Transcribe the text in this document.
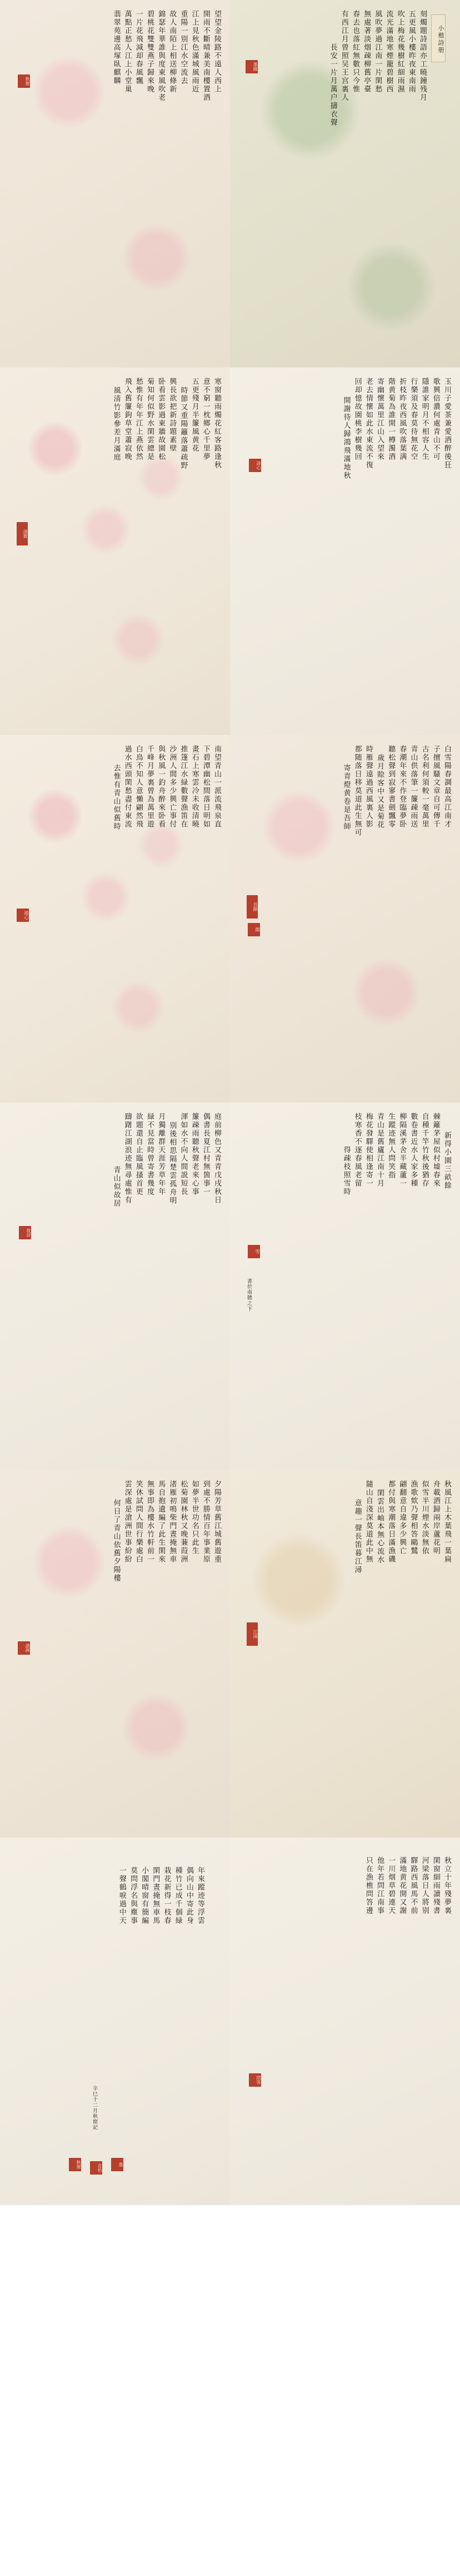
望望金陵路不遠人西上
開雨不斷晴兼美南樓置酒
江上見秋色滿城風雨近
重陽一别江水空流去
故人南陌上相送柳條新
錦瑟年華誰與度東風吹老
碧桃花雙雙燕子歸來晚
一片花飛減却春風飄
萬點正愁人江上小堂巢
翡翠苑邊高塚臥麒麟
秋窗
小楷詩册
刻燭題詩語亦工曉鐘残月
五更風小樓昨夜東南雨
吹上梅花幾樹紅細雨濕
流光滿地寒煙籠碧樹西
風吹夢過江南一片閑愁
無處著淡烟疎柳舊亭臺
春去也落紅無數只今惟
有西江月曾照吴王宫裏人
長安一片月萬户擣衣聲
墨緣
寒窗聽雨燭花紅客路逢秋
意不窮一枕鄉心千里夢
五更殘月半簾風黄花
時節又重陽籬落蕭疏野
興長欲把新詩題素壁
卧看雲影過東牆故園松
菊知何似野水閑雲總是
愁惟有年年江上燕依然
飛入舊簾鉤草堂蕭寂晚
風清竹影參差月滿庭
清賞
玉川子愛茶兼愛酒醉後狂
歌興倍濃何處青山不可
隱誰家明月不相容人生
行樂須及春莫待無花空
折枝昨夜西風吹落葉满
階黄菊為誰開一樽濁酒
寄幽懷萬里江山入望來
老去情懷如此水東流不復
回却憶故園桃李樹幾回
開謝待人歸鴻飛滿地秋
詩心
南望青山一派流飛泉直
下碧潭幽松間落日明如
畫石上寒雲冷未收清曉
推篷江水緑數聲漁笛在
沙洲人間多少興亡事付
與秋風一釣舟醉來卧看
千峰月夢裏曾為萬里遊
白鳥不知人意懶翩然飛
過水西頭閑愁盡付東流
去惟有青山似舊時
遊心
白雪陽春調最高江南才
子擅風騷文章自可傳千
古名利何須較一毫萬里
青山供落筆一簾疎雨送
春潮年來不作登臨夢卧
聽松聲到寂寥書劍飄零
歲月賒客中又是菊花
時雁聲遠過西風裏人影
都随落日移莫道此生無可
寄青燈黄卷是吾師
吾師
閑
庭前柳色又青青戊戌秋日
偶書長夏江村無箇事一
簾疎雨聽秋聲老來心事
渾如水不向人間説短長
别後相思隔楚雲孤舟明
月獨離群天涯芳草年年
緑不見當時曾寄書幾度
欲題還自止臨風搔首更
躊躇江湖浪迹無尋處惟有
青山似故居
故居
新得小園三畝餘
棘籬茅屋似村墟春來
自種千竿竹秋後猶存
數卷書近水人家多種
柳隔溪茅舍半藏蘆一
生蹤迹無人問笑指
青山是舊廬江南十月
梅花發驛使相逢寄一
枝寒香不逐春風老留
得疎枝照雪時
書於南牕之下
雪
夕陽芳草舊江城舊遊重
到處不勝情百年事業原
如夢半世功名只此生
松菊園林秋又晚蒹葭洲
渚雁初鳴柴門晝掩無車
馬自抱遺編了此生閑來
無事即為樓水竹軒前一
笑休試問人間行樂處白
雲深處是滄洲世事紛紛
何日了青山依舊夕陽樓
滄洲
秋風江上木葉飛一葉扁
舟載酒歸兩岸蘆花明
似雪半川煙水淡無依
漁歌欸乃聲相答鷗鷺
翩翻意自違多少興亡
都付與寒潮落日滿漁磯
閑雲出岫本無心流水
隨山自淺深莫道此中無
意趣一聲長笛暮江潯
江潯
年來蹤迹等浮雲
偶向山中寄此身
種竹已成千個緑
栽花新得一枝春
閑門晝掩無車馬
小閣晴窗有簡編
莫問浮名與塵事
一聲鶴唳過中天
辛巳十二月秋窗記
秋窗	自怡	墨
秋立十年殘夢裏
閑窗細雨讀殘書
河梁落日人將别
驛路西風馬不前
滿地黄花開又謝
一川烟草碧連天
他年若問江南事
只在漁樵問答邊
問答
